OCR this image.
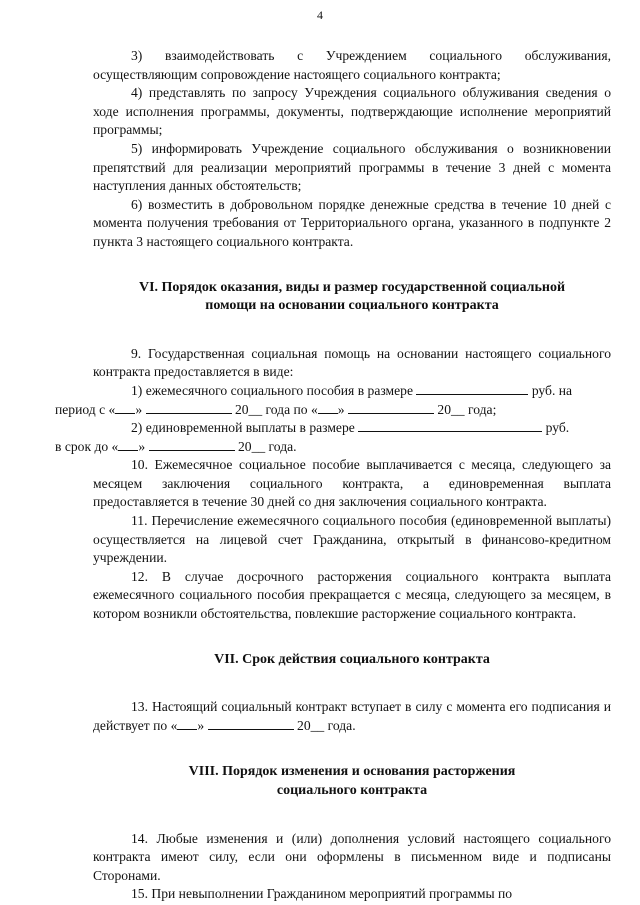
4

3) взаимодействовать с Учреждением социального обслуживания, осуществляющим сопровождение настоящего социального контракта;

4) представлять по запросу Учреждения социального облуживания сведения о ходе исполнения программы, документы, подтверждающие исполнение мероприятий программы;

5) информировать Учреждение социального обслуживания о возникновении препятствий для реализации мероприятий программы в течение 3 дней с момента наступления данных обстоятельств;

6) возместить в добровольном порядке денежные средства в течение 10 дней с момента получения требования от Территориального органа, указанного в подпункте 2 пункта 3 настоящего социального контракта.

VI. Порядок оказания, виды и размер государственной социальной
помощи на основании социального контракта

9. Государственная социальная помощь на основании настоящего социального контракта предоставляется в виде:

1) ежемесячного социального пособия в размере	руб. на
период с « »	20__ года по « »	20__ года;

2) единовременной выплаты в размере	руб.
в срок до « »	20__ года.

10. Ежемесячное социальное пособие выплачивается с месяца, следующего за месяцем заключения социального контракта, а единовременная выплата предоставляется в течение 30 дней со дня заключения социального контракта.

11. Перечисление ежемесячного социального пособия (единовременной выплаты) осуществляется на лицевой счет Гражданина, открытый в финансово-кредитном учреждении.

12. В случае досрочного расторжения социального контракта выплата ежемесячного социального пособия прекращается с месяца, следующего за месяцем, в котором возникли обстоятельства, повлекшие расторжение социального контракта.

VII. Срок действия социального контракта

13. Настоящий социальный контракт вступает в силу с момента его подписания и действует по « »	20__ года.

VIII. Порядок изменения и основания расторжения
социального контракта

14. Любые изменения и (или) дополнения условий настоящего социального контракта имеют силу, если они оформлены в письменном виде и подписаны Сторонами.

15. При невыполнении Гражданином мероприятий программы по
